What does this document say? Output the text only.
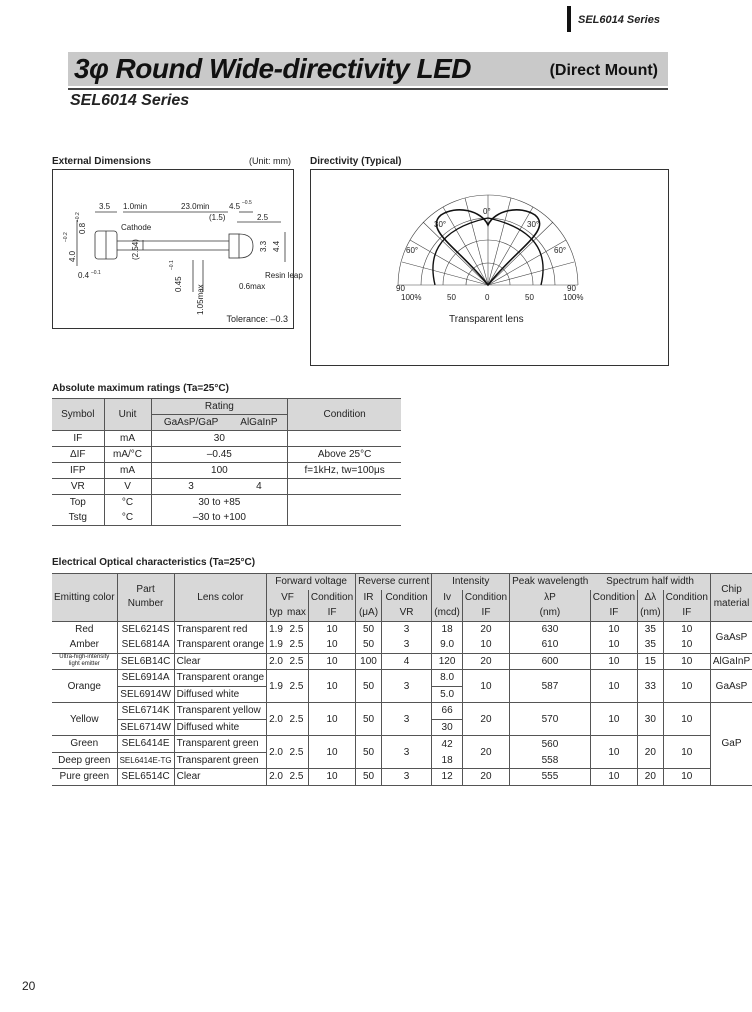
SEL6014 Series
3φ Round Wide-directivity LED	(Direct Mount)
SEL6014 Series
External Dimensions	(Unit: mm)
3.5 1.0min	23.0min 4.5 –0.5
(1.5)	2.5
Cathode
0.4 –0.1	Resin leap
0.6max
4.0
–0.2
0.8
–0.2
(2.54)
0.45
–0.1
1.05max
3.3 4.4
Tolerance: –0.3
Directivity (Typical)
0°
30°	30°
60°	60°
90	90
100%	50	0	50	100%
Transparent lens
Absolute maximum ratings (Ta=25°C)
Symbol	Unit	Rating		Condition
		GaAsP/GaP	AlGaInP	
IF	mA	30		
ΔIF	mA/°C	–0.45		Above 25°C
IFP	mA	100		f=1kHz, tw=100μs
VR	V	3	4	
Top	°C	30 to +85		
Tstg	°C	–30 to +100		
Electrical Optical characteristics (Ta=25°C)
Emitting color	Part
Number	Lens color	Forward voltage			Reverse current		Intensity		Peak wavelength	Spectrum half width			Chip
material
			VF		Condition	IR	Condition	Iv	Condition	λP	Condition	Δλ	Condition	
			typ	max	IF	(μA)	VR	(mcd)	IF	(nm)	IF	(nm)	IF	
Red	SEL6214S	Transparent red	1.9	2.5	10	50	3	18	20	630	10	35	10	GaAsP
Amber	SEL6814A	Transparent orange	1.9	2.5	10	50	3	9.0	10	610	10	35	10	
Ultra-high-intensity light emitter	SEL6B14C	Clear	2.0	2.5	10	100	4	120	20	600	10	15	10	AlGaInP
Orange	SEL6914A	Transparent orange	1.9	2.5	10	50	3	8.0	10	587	10	33	10	GaAsP
	SEL6914W	Diffused white						5.0						
Yellow	SEL6714K	Transparent yellow	2.0	2.5	10	50	3	66	20	570	10	30	10	GaP
	SEL6714W	Diffused white						30						
Green	SEL6414E	Transparent green	2.0	2.5	10	50	3	42	20	560	10	20	10	
Deep green	SEL6414E-TG	Transparent green						18		558				
Pure green	SEL6514C	Clear	2.0	2.5	10	50	3	12	20	555	10	20	10	
20
